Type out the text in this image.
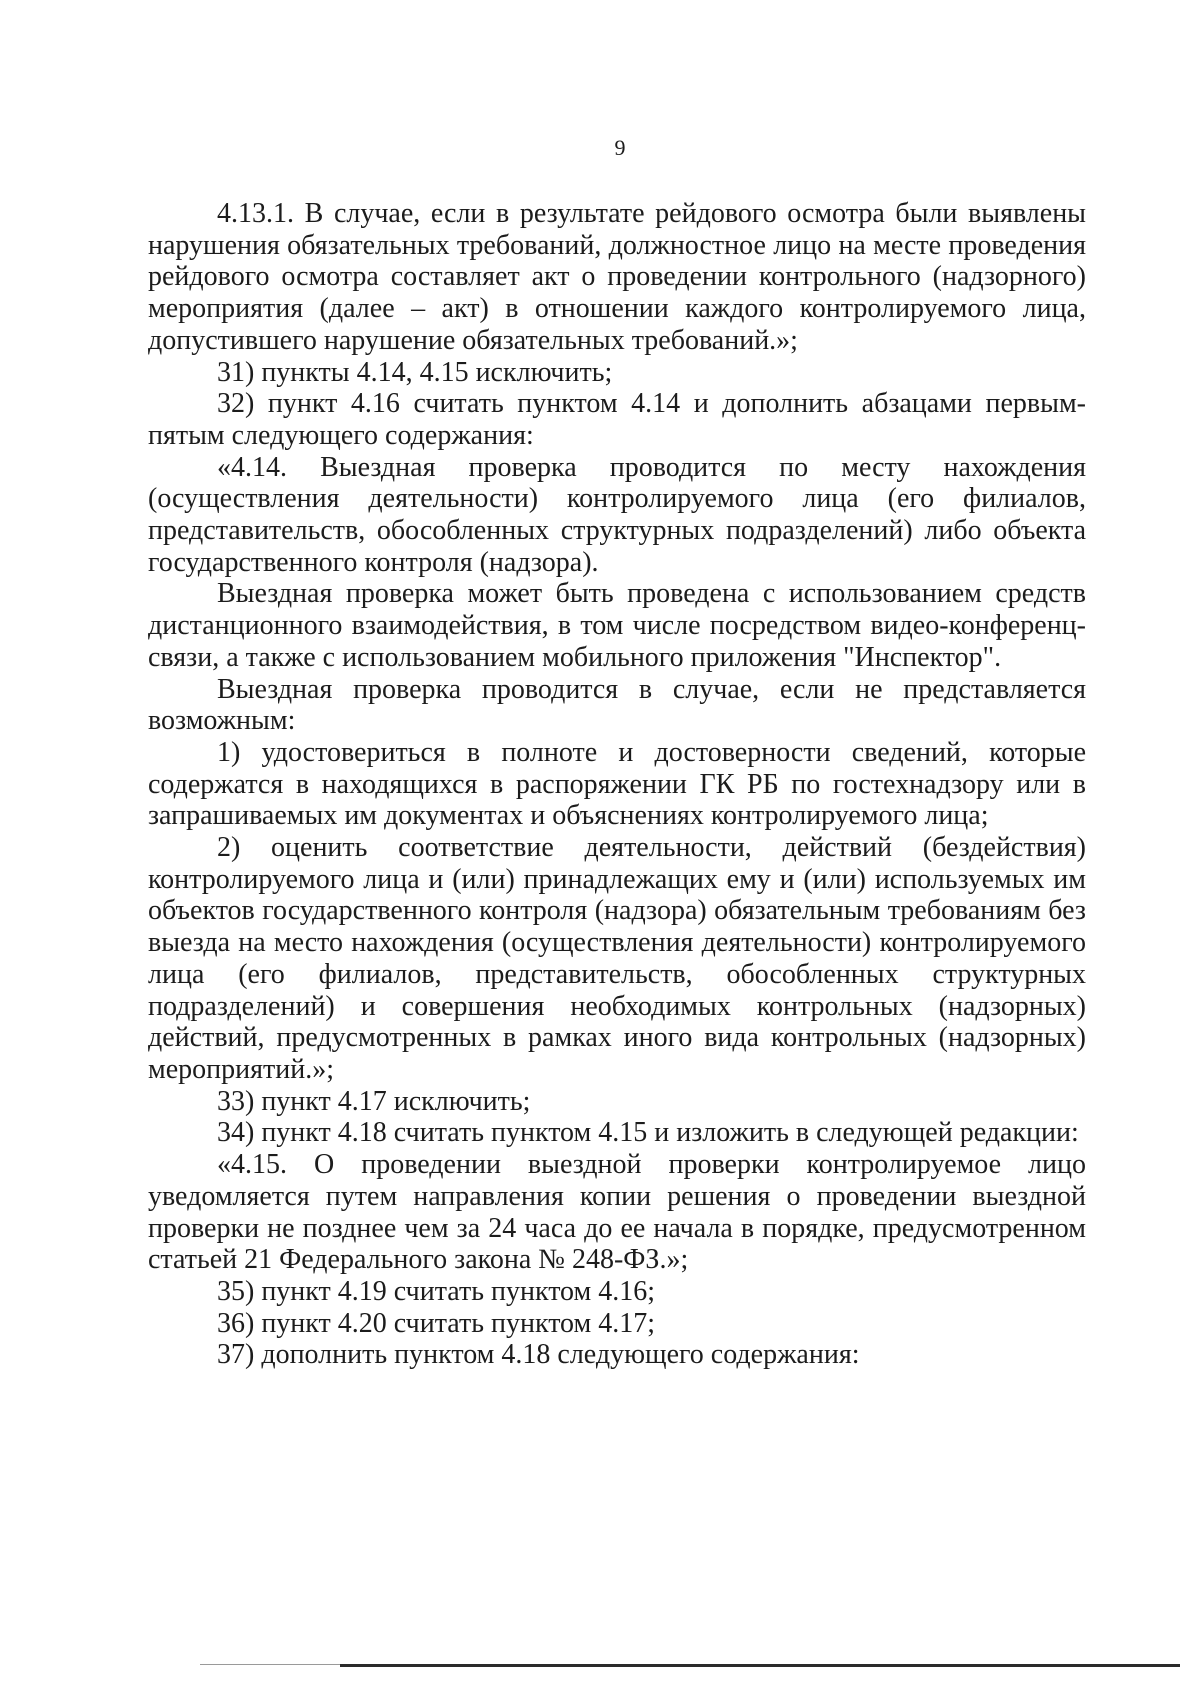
9

4.13.1. В случае, если в результате рейдового осмотра были выявлены нарушения обязательных требований, должностное лицо на месте проведения рейдового осмотра составляет акт о проведении контрольного (надзорного) мероприятия (далее – акт) в отношении каждого контролируемого лица, допустившего нарушение обязательных требований.»;

31) пункты 4.14, 4.15 исключить;

32) пункт 4.16 считать пунктом 4.14 и дополнить абзацами первым-пятым следующего содержания:

«4.14. Выездная проверка проводится по месту нахождения (осуществления деятельности) контролируемого лица (его филиалов, представительств, обособленных структурных подразделений) либо объекта государственного контроля (надзора).

Выездная проверка может быть проведена с использованием средств дистанционного взаимодействия, в том числе посредством видео-конференц-связи, а также с использованием мобильного приложения "Инспектор".

Выездная проверка проводится в случае, если не представляется возможным:

1) удостовериться в полноте и достоверности сведений, которые содержатся в находящихся в распоряжении ГК РБ по гостехнадзору или в запрашиваемых им документах и объяснениях контролируемого лица;

2) оценить соответствие деятельности, действий (бездействия) контролируемого лица и (или) принадлежащих ему и (или) используемых им объектов государственного контроля (надзора) обязательным требованиям без выезда на место нахождения (осуществления деятельности) контролируемого лица (его филиалов, представительств, обособленных структурных подразделений) и совершения необходимых контрольных (надзорных) действий, предусмотренных в рамках иного вида контрольных (надзорных) мероприятий.»;

33) пункт 4.17 исключить;

34) пункт 4.18 считать пунктом 4.15 и изложить в следующей редакции:

«4.15. О проведении выездной проверки контролируемое лицо уведомляется путем направления копии решения о проведении выездной проверки не позднее чем за 24 часа до ее начала в порядке, предусмотренном статьей 21 Федерального закона № 248-ФЗ.»;

35) пункт 4.19 считать пунктом 4.16;

36) пункт 4.20 считать пунктом 4.17;

37) дополнить пунктом 4.18 следующего содержания:
